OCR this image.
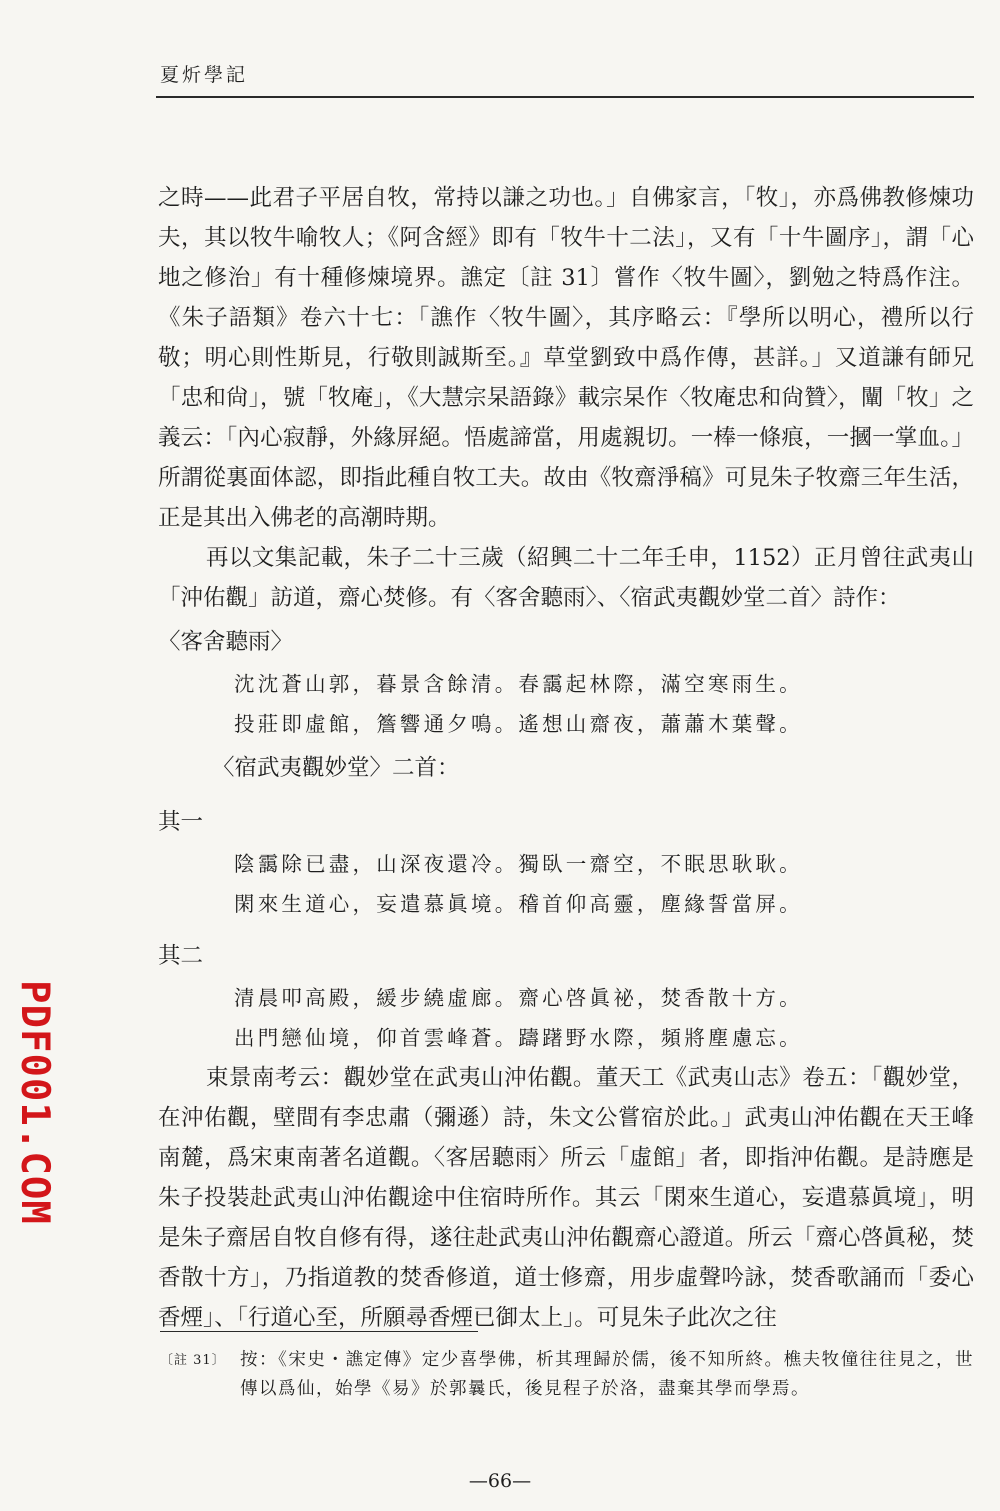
夏炘學記

之時——此君子平居自牧，常持以謙之功也。」自佛家言，「牧」，亦爲佛教修煉功夫，其以牧牛喻牧人；《阿含經》即有「牧牛十二法」，又有「十牛圖序」，謂「心地之修治」有十種修煉境界。譙定〔註 31〕嘗作〈牧牛圖〉，劉勉之特爲作注。《朱子語類》卷六十七：「譙作〈牧牛圖〉，其序略云：『學所以明心，禮所以行敬；明心則性斯見，行敬則誠斯至。』草堂劉致中爲作傳，甚詳。」又道謙有師兄「忠和尙」，號「牧庵」，《大慧宗杲語錄》載宗杲作〈牧庵忠和尙贊〉，闡「牧」之義云：「內心寂靜，外緣屏絕。悟處諦當，用處親切。一棒一條痕，一摑一掌血。」所謂從裏面体認，即指此種自牧工夫。故由《牧齋淨稿》可見朱子牧齋三年生活，正是其出入佛老的高潮時期。

再以文集記載，朱子二十三歲（紹興二十二年壬申，1152）正月曾往武夷山「沖佑觀」訪道，齋心焚修。有〈客舍聽雨〉、〈宿武夷觀妙堂二首〉詩作：

〈客舍聽雨〉
沈沈蒼山郭，暮景含餘清。春靄起林際，滿空寒雨生。
投莊即虛館，簷響通夕鳴。遙想山齋夜，蕭蕭木葉聲。
〈宿武夷觀妙堂〉二首：
其一
陰靄除已盡，山深夜還冷。獨臥一齋空，不眠思耿耿。
閑來生道心，妄遣慕眞境。稽首仰高靈，塵緣誓當屏。
其二
清晨叩高殿，緩步繞虛廊。齋心啓眞祕，焚香散十方。
出門戀仙境，仰首雲峰蒼。躊躇野水際，頻將塵慮忘。

束景南考云：觀妙堂在武夷山沖佑觀。董天工《武夷山志》卷五：「觀妙堂，在沖佑觀，壁間有李忠肅（彌遜）詩，朱文公嘗宿於此。」武夷山沖佑觀在天王峰南麓，爲宋東南著名道觀。〈客居聽雨〉所云「虛館」者，即指沖佑觀。是詩應是朱子投裝赴武夷山沖佑觀途中住宿時所作。其云「閑來生道心，妄遣慕眞境」，明是朱子齋居自牧自修有得，遂往赴武夷山沖佑觀齋心證道。所云「齋心啓眞秘，焚香散十方」，乃指道教的焚香修道，道士修齋，用步虛聲吟詠，焚香歌誦而「委心香煙」、「行道心至，所願尋香煙已御太上」。可見朱子此次之往

〔註 31〕 按：《宋史・譙定傳》定少喜學佛，析其理歸於儒，後不知所終。樵夫牧僮往往見之，世傳以爲仙，始學《易》於郭曩氏，後見程子於洛，盡棄其學而學焉。
—66—
PDF001.COM
